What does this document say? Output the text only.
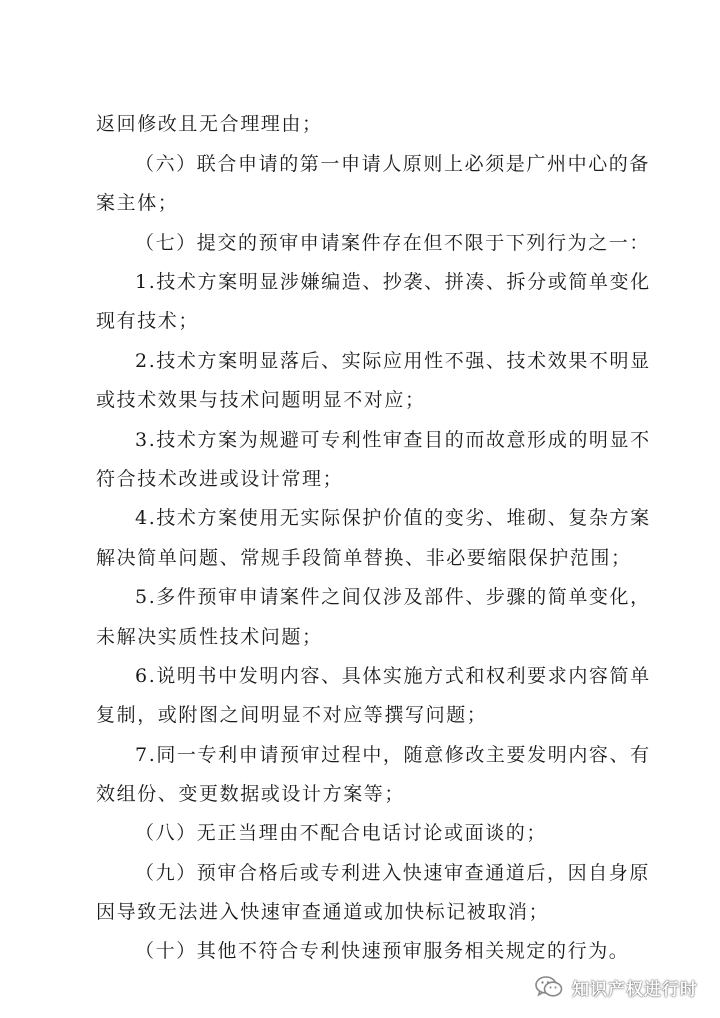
返回修改且无合理理由；
（六）联合申请的第一申请人原则上必须是广州中心的备
案主体；
（七）提交的预审申请案件存在但不限于下列行为之一：
1.技术方案明显涉嫌编造、抄袭、拼凑、拆分或简单变化
现有技术；
2.技术方案明显落后、实际应用性不强、技术效果不明显
或技术效果与技术问题明显不对应；
3.技术方案为规避可专利性审查目的而故意形成的明显不
符合技术改进或设计常理；
4.技术方案使用无实际保护价值的变劣、堆砌、复杂方案
解决简单问题、常规手段简单替换、非必要缩限保护范围；
5.多件预审申请案件之间仅涉及部件、步骤的简单变化，
未解决实质性技术问题；
6.说明书中发明内容、具体实施方式和权利要求内容简单
复制，或附图之间明显不对应等撰写问题；
7.同一专利申请预审过程中，随意修改主要发明内容、有
效组份、变更数据或设计方案等；
（八）无正当理由不配合电话讨论或面谈的；
（九）预审合格后或专利进入快速审查通道后，因自身原
因导致无法进入快速审查通道或加快标记被取消；
（十）其他不符合专利快速预审服务相关规定的行为。
知识产权进行时
